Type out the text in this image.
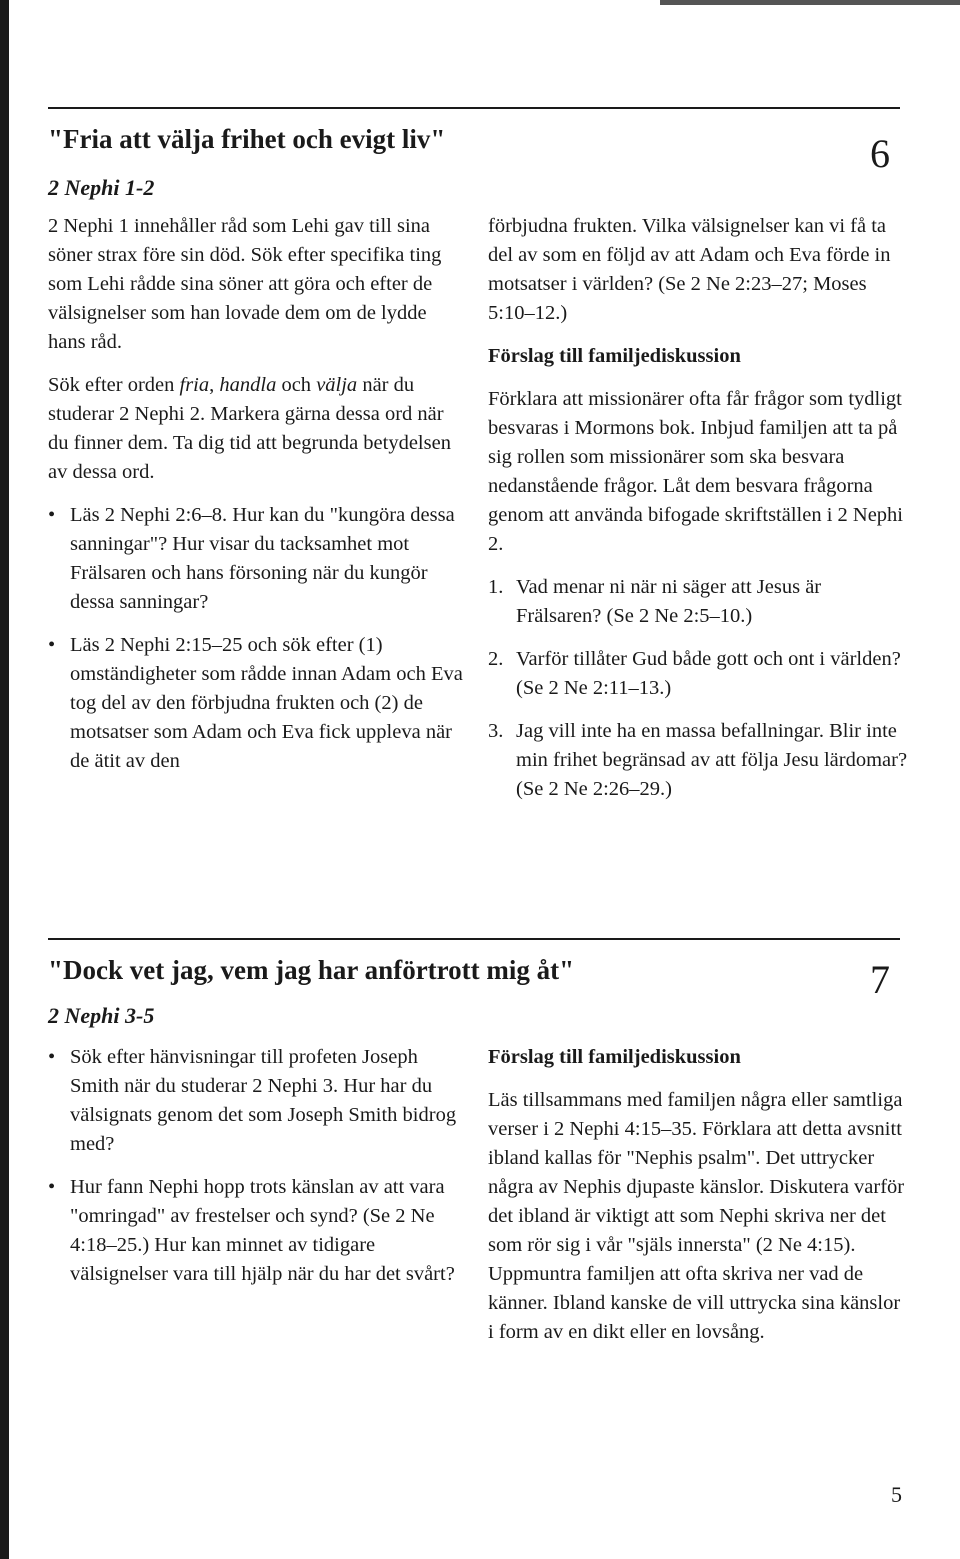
"Fria att välja frihet och evigt liv"	6
2 Nephi 1-2

2 Nephi 1 innehåller råd som Lehi gav till sina söner strax före sin död. Sök efter specifika ting som Lehi rådde sina söner att göra och efter de välsignelser som han lovade dem om de lydde hans råd.

Sök efter orden fria, handla och välja när du studerar 2 Nephi 2. Markera gärna dessa ord när du finner dem. Ta dig tid att begrunda betydelsen av dessa ord.

• Läs 2 Nephi 2:6–8. Hur kan du "kungöra dessa sanningar"? Hur visar du tacksamhet mot Frälsaren och hans försoning när du kungör dessa sanningar?
• Läs 2 Nephi 2:15–25 och sök efter (1) omständigheter som rådde innan Adam och Eva tog del av den förbjudna frukten och (2) de motsatser som Adam och Eva fick uppleva när de ätit av den

förbjudna frukten. Vilka välsignelser kan vi få ta del av som en följd av att Adam och Eva förde in motsatser i världen? (Se 2 Ne 2:23–27; Moses 5:10–12.)

Förslag till familjediskussion

Förklara att missionärer ofta får frågor som tydligt besvaras i Mormons bok. Inbjud familjen att ta på sig rollen som missionärer som ska besvara nedanstående frågor. Låt dem besvara frågorna genom att använda bifogade skriftställen i 2 Nephi 2.

1. Vad menar ni när ni säger att Jesus är Frälsaren? (Se 2 Ne 2:5–10.)
2. Varför tillåter Gud både gott och ont i världen? (Se 2 Ne 2:11–13.)
3. Jag vill inte ha en massa befallningar. Blir inte min frihet begränsad av att följa Jesu lärdomar? (Se 2 Ne 2:26–29.)
"Dock vet jag, vem jag har anförtrott mig åt"	7
2 Nephi 3-5
• Sök efter hänvisningar till profeten Joseph Smith när du studerar 2 Nephi 3. Hur har du välsignats genom det som Joseph Smith bidrog med?
• Hur fann Nephi hopp trots känslan av att vara "omringad" av frestelser och synd? (Se 2 Ne 4:18–25.) Hur kan minnet av tidigare välsignelser vara till hjälp när du har det svårt?

Förslag till familjediskussion

Läs tillsammans med familjen några eller samtliga verser i 2 Nephi 4:15–35. Förklara att detta avsnitt ibland kallas för "Nephis psalm". Det uttrycker några av Nephis djupaste känslor. Diskutera varför det ibland är viktigt att som Nephi skriva ner det som rör sig i vår "själs innersta" (2 Ne 4:15). Uppmuntra familjen att ofta skriva ner vad de känner. Ibland kanske de vill uttrycka sina känslor i form av en dikt eller en lovsång.

5
